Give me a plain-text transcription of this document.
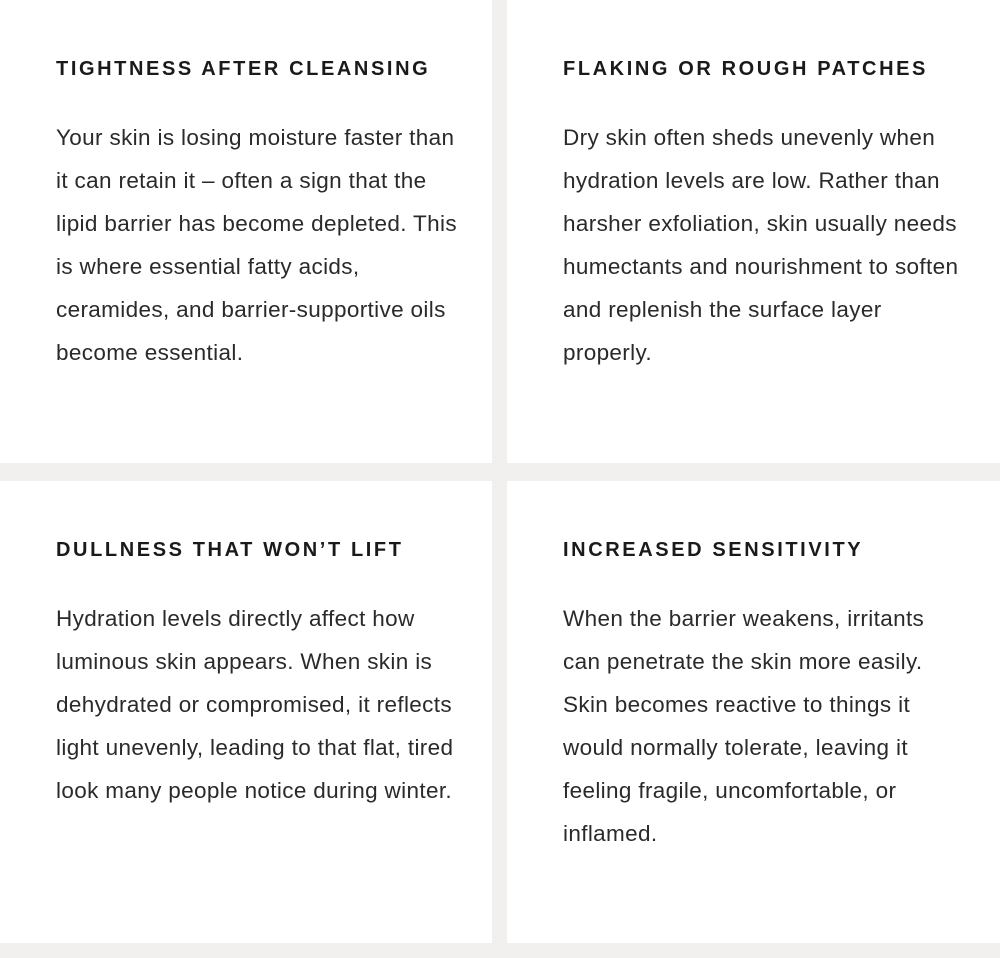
TIGHTNESS AFTER CLEANSING

Your skin is losing moisture faster than it can retain it – often a sign that the lipid barrier has become depleted. This is where essential fatty acids, ceramides, and barrier-supportive oils become essential.

FLAKING OR ROUGH PATCHES

Dry skin often sheds unevenly when hydration levels are low. Rather than harsher exfoliation, skin usually needs humectants and nourishment to soften and replenish the surface layer properly.

DULLNESS THAT WON’T LIFT

Hydration levels directly affect how luminous skin appears. When skin is dehydrated or compromised, it reflects light unevenly, leading to that flat, tired look many people notice during winter.

INCREASED SENSITIVITY

When the barrier weakens, irritants can penetrate the skin more easily. Skin becomes reactive to things it would normally tolerate, leaving it feeling fragile, uncomfortable, or inflamed.
